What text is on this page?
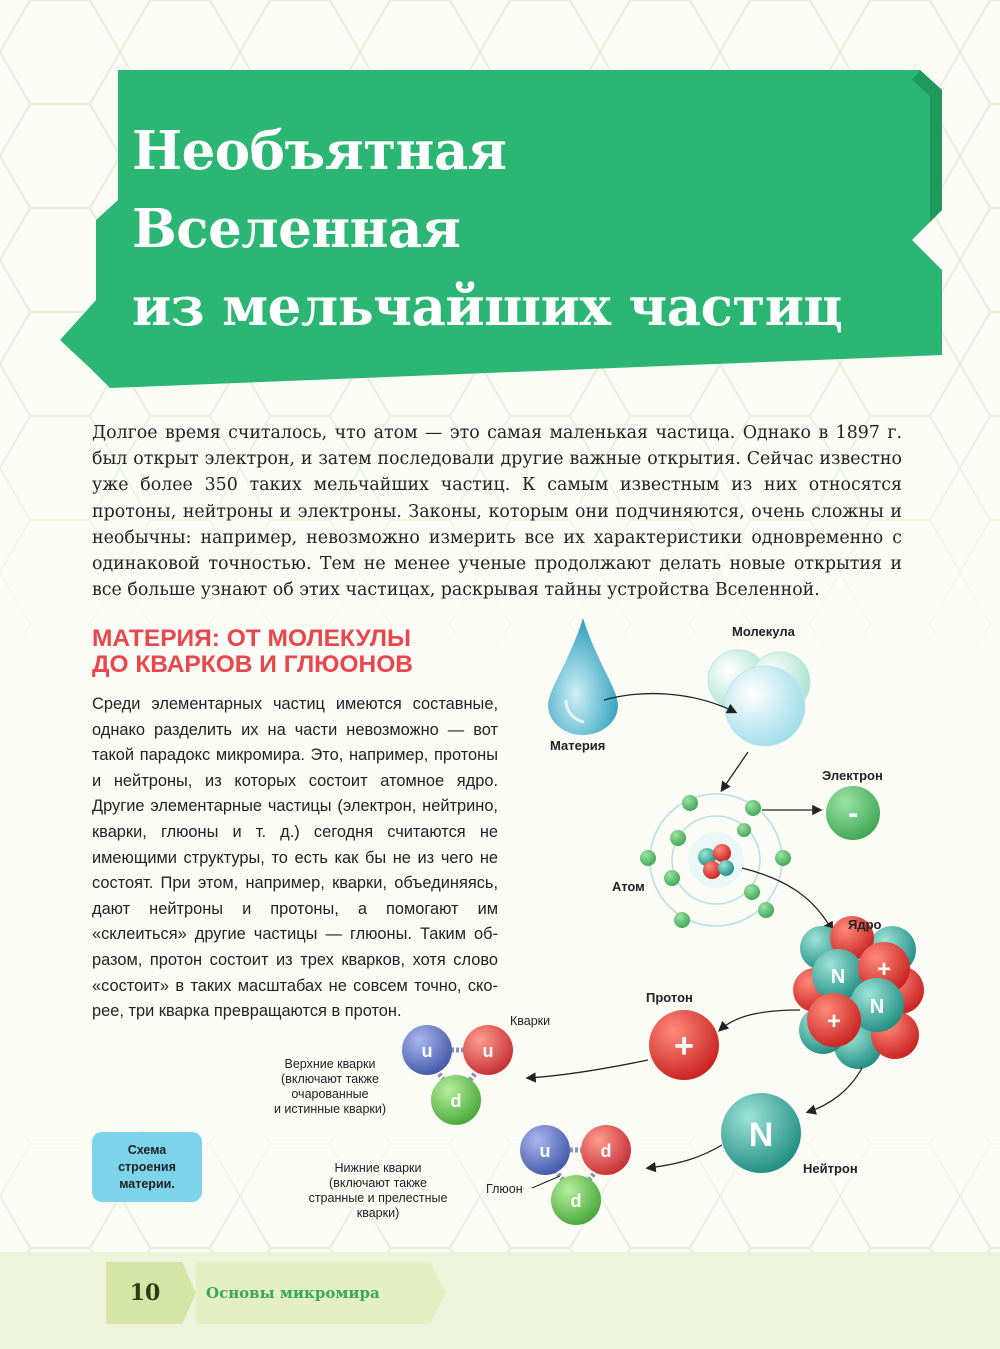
Необъятная
Вселенная
из мельчайших частиц
Долгое время считалось, что атом — это самая маленькая частица. Однако в 1897 г. был открыт электрон, и затем последовали другие важные открытия. Сейчас известно уже более 350 таких мельчайших частиц. К самым известным из них относятся протоны, нейтроны и электроны. Законы, которым они подчиняются, очень сложны и необычны: например, невозможно измерить все их характеристики одновременно с одинаковой точностью. Тем не менее ученые продолжают делать новые открытия и все больше узнают об этих частицах, раскрывая тайны устройства Вселенной.
МАТЕРИЯ: ОТ МОЛЕКУЛЫ
ДО КВАРКОВ И ГЛЮОНОВ
Среди элементарных частиц имеются составные, однако разделить их на части невозможно — вот такой парадокс микромира. Это, например, протоны и нейтроны, из которых состоит атомное ядро. Другие элементарные частицы (электрон, нейтрино, кварки, глюоны и т. д.) сегодня считаются не имеющими структуры, то есть как бы не из чего не состоят. При этом, например, кварки, объединяясь, дают нейтроны и протоны, а помогают им «склеиться» другие частицы — глюоны. Таким образом, протон состоит из трех кварков, хотя слово «состоит» в таких масштабах не совсем точно, скорее, три кварка превращаются в протон.
Материя
Молекула
Атом
-
Электрон
N +
N
+
Ядро
+
Протон
N
Нейтрон
u	u
d
Кварки
Верхние кварки
(включают также
очарованные
и истинные кварки)
u	d
d
Глюон
Нижние кварки
(включают также
странные и прелестные
кварки)
Схема
строения
материи.
10	Основы микромира
